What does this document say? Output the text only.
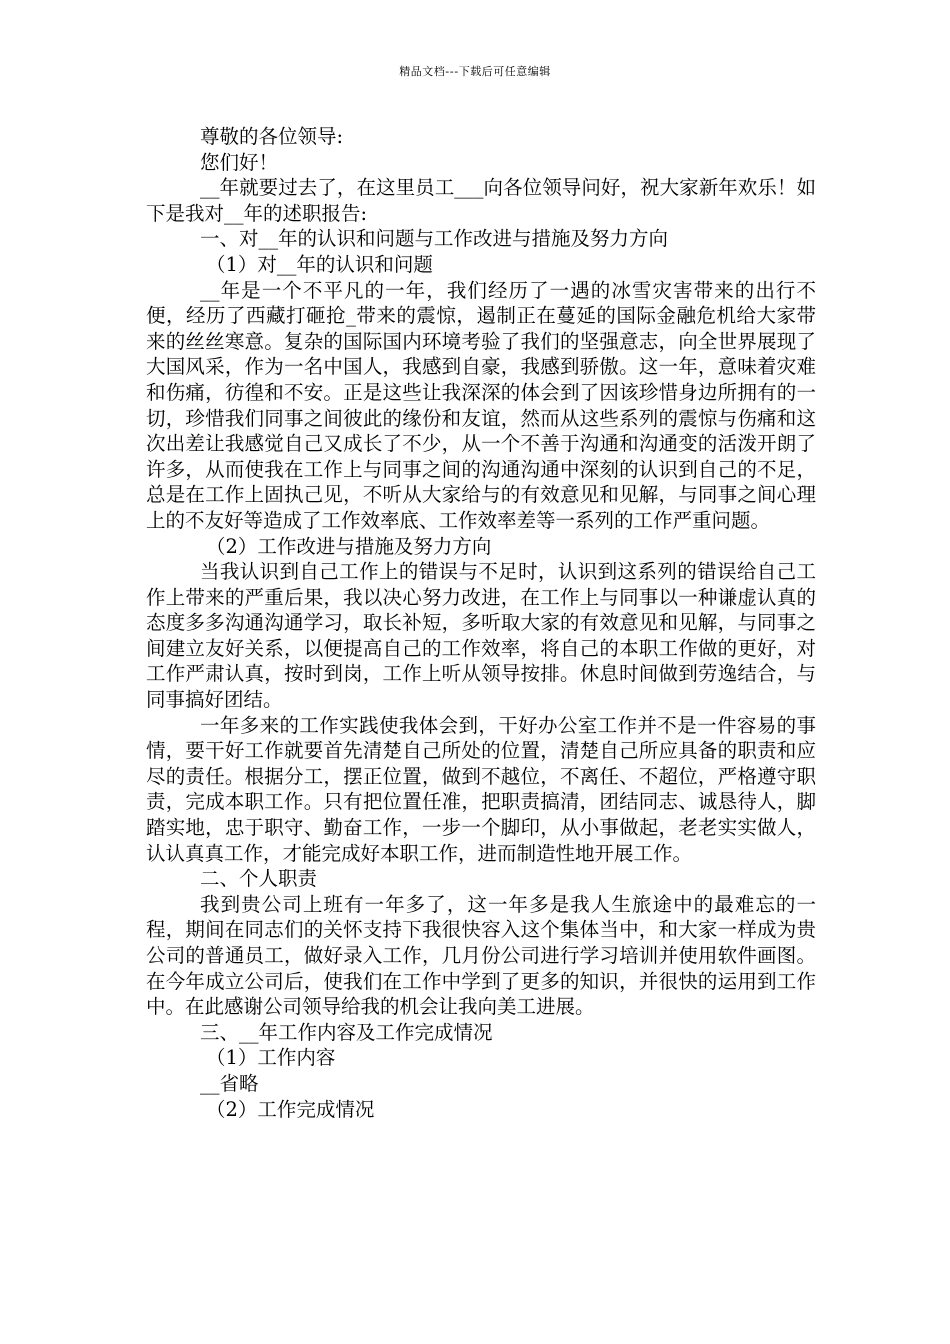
精品文档---下载后可任意编辑

尊敬的各位领导:

您们好！

__年就要过去了，在这里员工___向各位领导问好，祝大家新年欢乐！如下是我对__年的述职报告:

一、对__年的认识和问题与工作改进与措施及努力方向

（1）对__年的认识和问题

__年是一个不平凡的一年，我们经历了一遇的冰雪灾害带来的出行不便，经历了西藏打砸抢_带来的震惊，遏制正在蔓延的国际金融危机给大家带来的丝丝寒意。复杂的国际国内环境考验了我们的坚强意志，向全世界展现了大国风采，作为一名中国人，我感到自豪，我感到骄傲。这一年，意味着灾难和伤痛，彷徨和不安。正是这些让我深深的体会到了因该珍惜身边所拥有的一切，珍惜我们同事之间彼此的缘份和友谊，然而从这些系列的震惊与伤痛和这次出差让我感觉自己又成长了不少，从一个不善于沟通和沟通变的活泼开朗了许多，从而使我在工作上与同事之间的沟通沟通中深刻的认识到自己的不足，总是在工作上固执己见，不听从大家给与的有效意见和见解，与同事之间心理上的不友好等造成了工作效率底、工作效率差等一系列的工作严重问题。

（2）工作改进与措施及努力方向

当我认识到自己工作上的错误与不足时，认识到这系列的错误给自己工作上带来的严重后果，我以决心努力改进，在工作上与同事以一种谦虚认真的态度多多沟通沟通学习，取长补短，多听取大家的有效意见和见解，与同事之间建立友好关系，以便提高自己的工作效率，将自己的本职工作做的更好，对工作严肃认真，按时到岗，工作上听从领导按排。休息时间做到劳逸结合，与同事搞好团结。

一年多来的工作实践使我体会到，干好办公室工作并不是一件容易的事情，要干好工作就要首先清楚自己所处的位置，清楚自己所应具备的职责和应尽的责任。根据分工，摆正位置，做到不越位，不离任、不超位，严格遵守职责，完成本职工作。只有把位置任准，把职责搞清，团结同志、诚恳待人，脚踏实地，忠于职守、勤奋工作，一步一个脚印，从小事做起，老老实实做人，认认真真工作，才能完成好本职工作，进而制造性地开展工作。

二、个人职责

我到贵公司上班有一年多了，这一年多是我人生旅途中的最难忘的一程，期间在同志们的关怀支持下我很快容入这个集体当中，和大家一样成为贵公司的普通员工，做好录入工作，几月份公司进行学习培训并使用软件画图。在今年成立公司后，使我们在工作中学到了更多的知识，并很快的运用到工作中。在此感谢公司领导给我的机会让我向美工进展。

三、__年工作内容及工作完成情况

（1）工作内容

__省略

（2）工作完成情况
